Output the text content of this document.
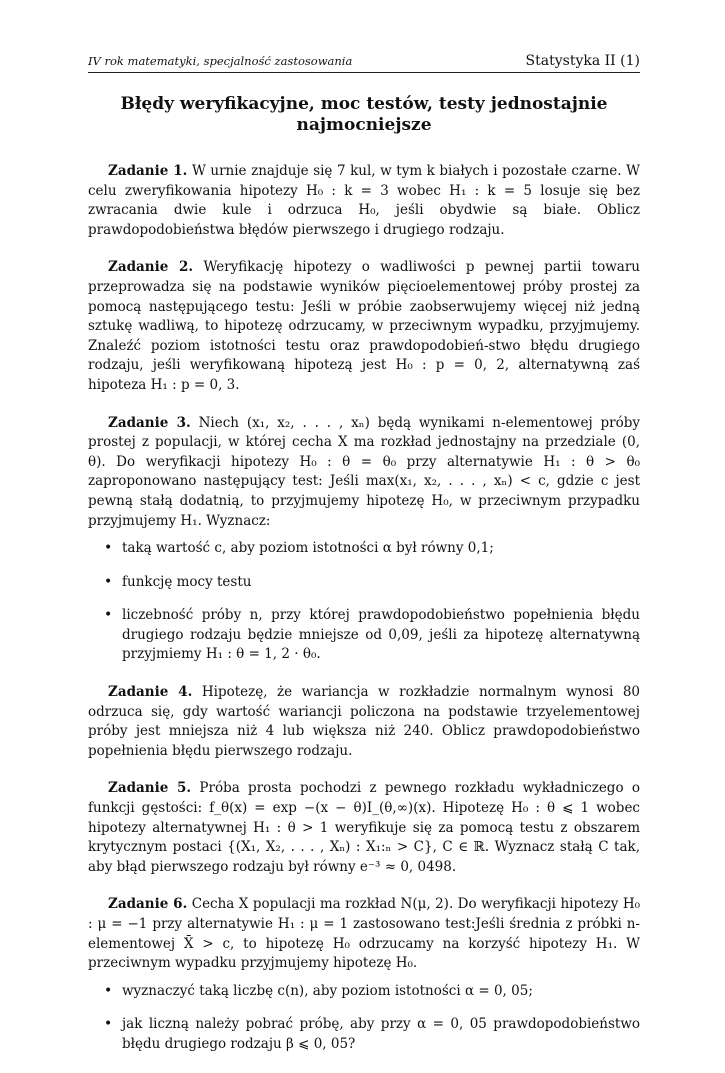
IV rok matematyki, specjalność zastosowania	Statystyka II (1)
Błędy weryfikacyjne, moc testów, testy jednostajnie najmocniejsze

Zadanie 1. W urnie znajduje się 7 kul, w tym k białych i pozostałe czarne. W celu zweryfikowania hipotezy H₀ : k = 3 wobec H₁ : k = 5 losuje się bez zwracania dwie kule i odrzuca H₀, jeśli obydwie są białe. Oblicz prawdopodobieństwa błędów pierwszego i drugiego rodzaju.

Zadanie 2. Weryfikację hipotezy o wadliwości p pewnej partii towaru przeprowadza się na podstawie wyników pięcioelementowej próby prostej za pomocą następującego testu: Jeśli w próbie zaobserwujemy więcej niż jedną sztukę wadliwą, to hipotezę odrzucamy, w przeciwnym wypadku, przyjmujemy. Znaleźć poziom istotności testu oraz prawdopodobień-stwo błędu drugiego rodzaju, jeśli weryfikowaną hipotezą jest H₀ : p = 0, 2, alternatywną zaś hipoteza H₁ : p = 0, 3.

Zadanie 3. Niech (x₁, x₂, . . . , xₙ) będą wynikami n-elementowej próby prostej z populacji, w której cecha X ma rozkład jednostajny na przedziale (0, θ). Do weryfikacji hipotezy H₀ : θ = θ₀ przy alternatywie H₁ : θ > θ₀ zaproponowano następujący test: Jeśli max(x₁, x₂, . . . , xₙ) < c, gdzie c jest pewną stałą dodatnią, to przyjmujemy hipotezę H₀, w przeciwnym przypadku przyjmujemy H₁. Wyznacz:

• taką wartość c, aby poziom istotności α był równy 0,1;
• funkcję mocy testu
• liczebność próby n, przy której prawdopodobieństwo popełnienia błędu drugiego rodzaju będzie mniejsze od 0,09, jeśli za hipotezę alternatywną przyjmiemy H₁ : θ = 1, 2 · θ₀.

Zadanie 4. Hipotezę, że wariancja w rozkładzie normalnym wynosi 80 odrzuca się, gdy wartość wariancji policzona na podstawie trzyelementowej próby jest mniejsza niż 4 lub większa niż 240. Oblicz prawdopodobieństwo popełnienia błędu pierwszego rodzaju.

Zadanie 5. Próba prosta pochodzi z pewnego rozkładu wykładniczego o funkcji gęstości: f_θ(x) = exp −(x − θ)I_(θ,∞)(x). Hipotezę H₀ : θ ⩽ 1 wobec hipotezy alternatywnej H₁ : θ > 1 weryfikuje się za pomocą testu z obszarem krytycznym postaci {(X₁, X₂, . . . , Xₙ) : X₁:ₙ > C}, C ∈ ℝ. Wyznacz stałą C tak, aby błąd pierwszego rodzaju był równy e⁻³ ≈ 0, 0498.

Zadanie 6. Cecha X populacji ma rozkład N(μ, 2). Do weryfikacji hipotezy H₀ : μ = −1 przy alternatywie H₁ : μ = 1 zastosowano test:Jeśli średnia z próbki n-elementowej X̄ > c, to hipotezę H₀ odrzucamy na korzyść hipotezy H₁. W przeciwnym wypadku przyjmujemy hipotezę H₀.

• wyznaczyć taką liczbę c(n), aby poziom istotności α = 0, 05;
• jak liczną należy pobrać próbę, aby przy α = 0, 05 prawdopodobieństwo błędu drugiego rodzaju β ⩽ 0, 05?
